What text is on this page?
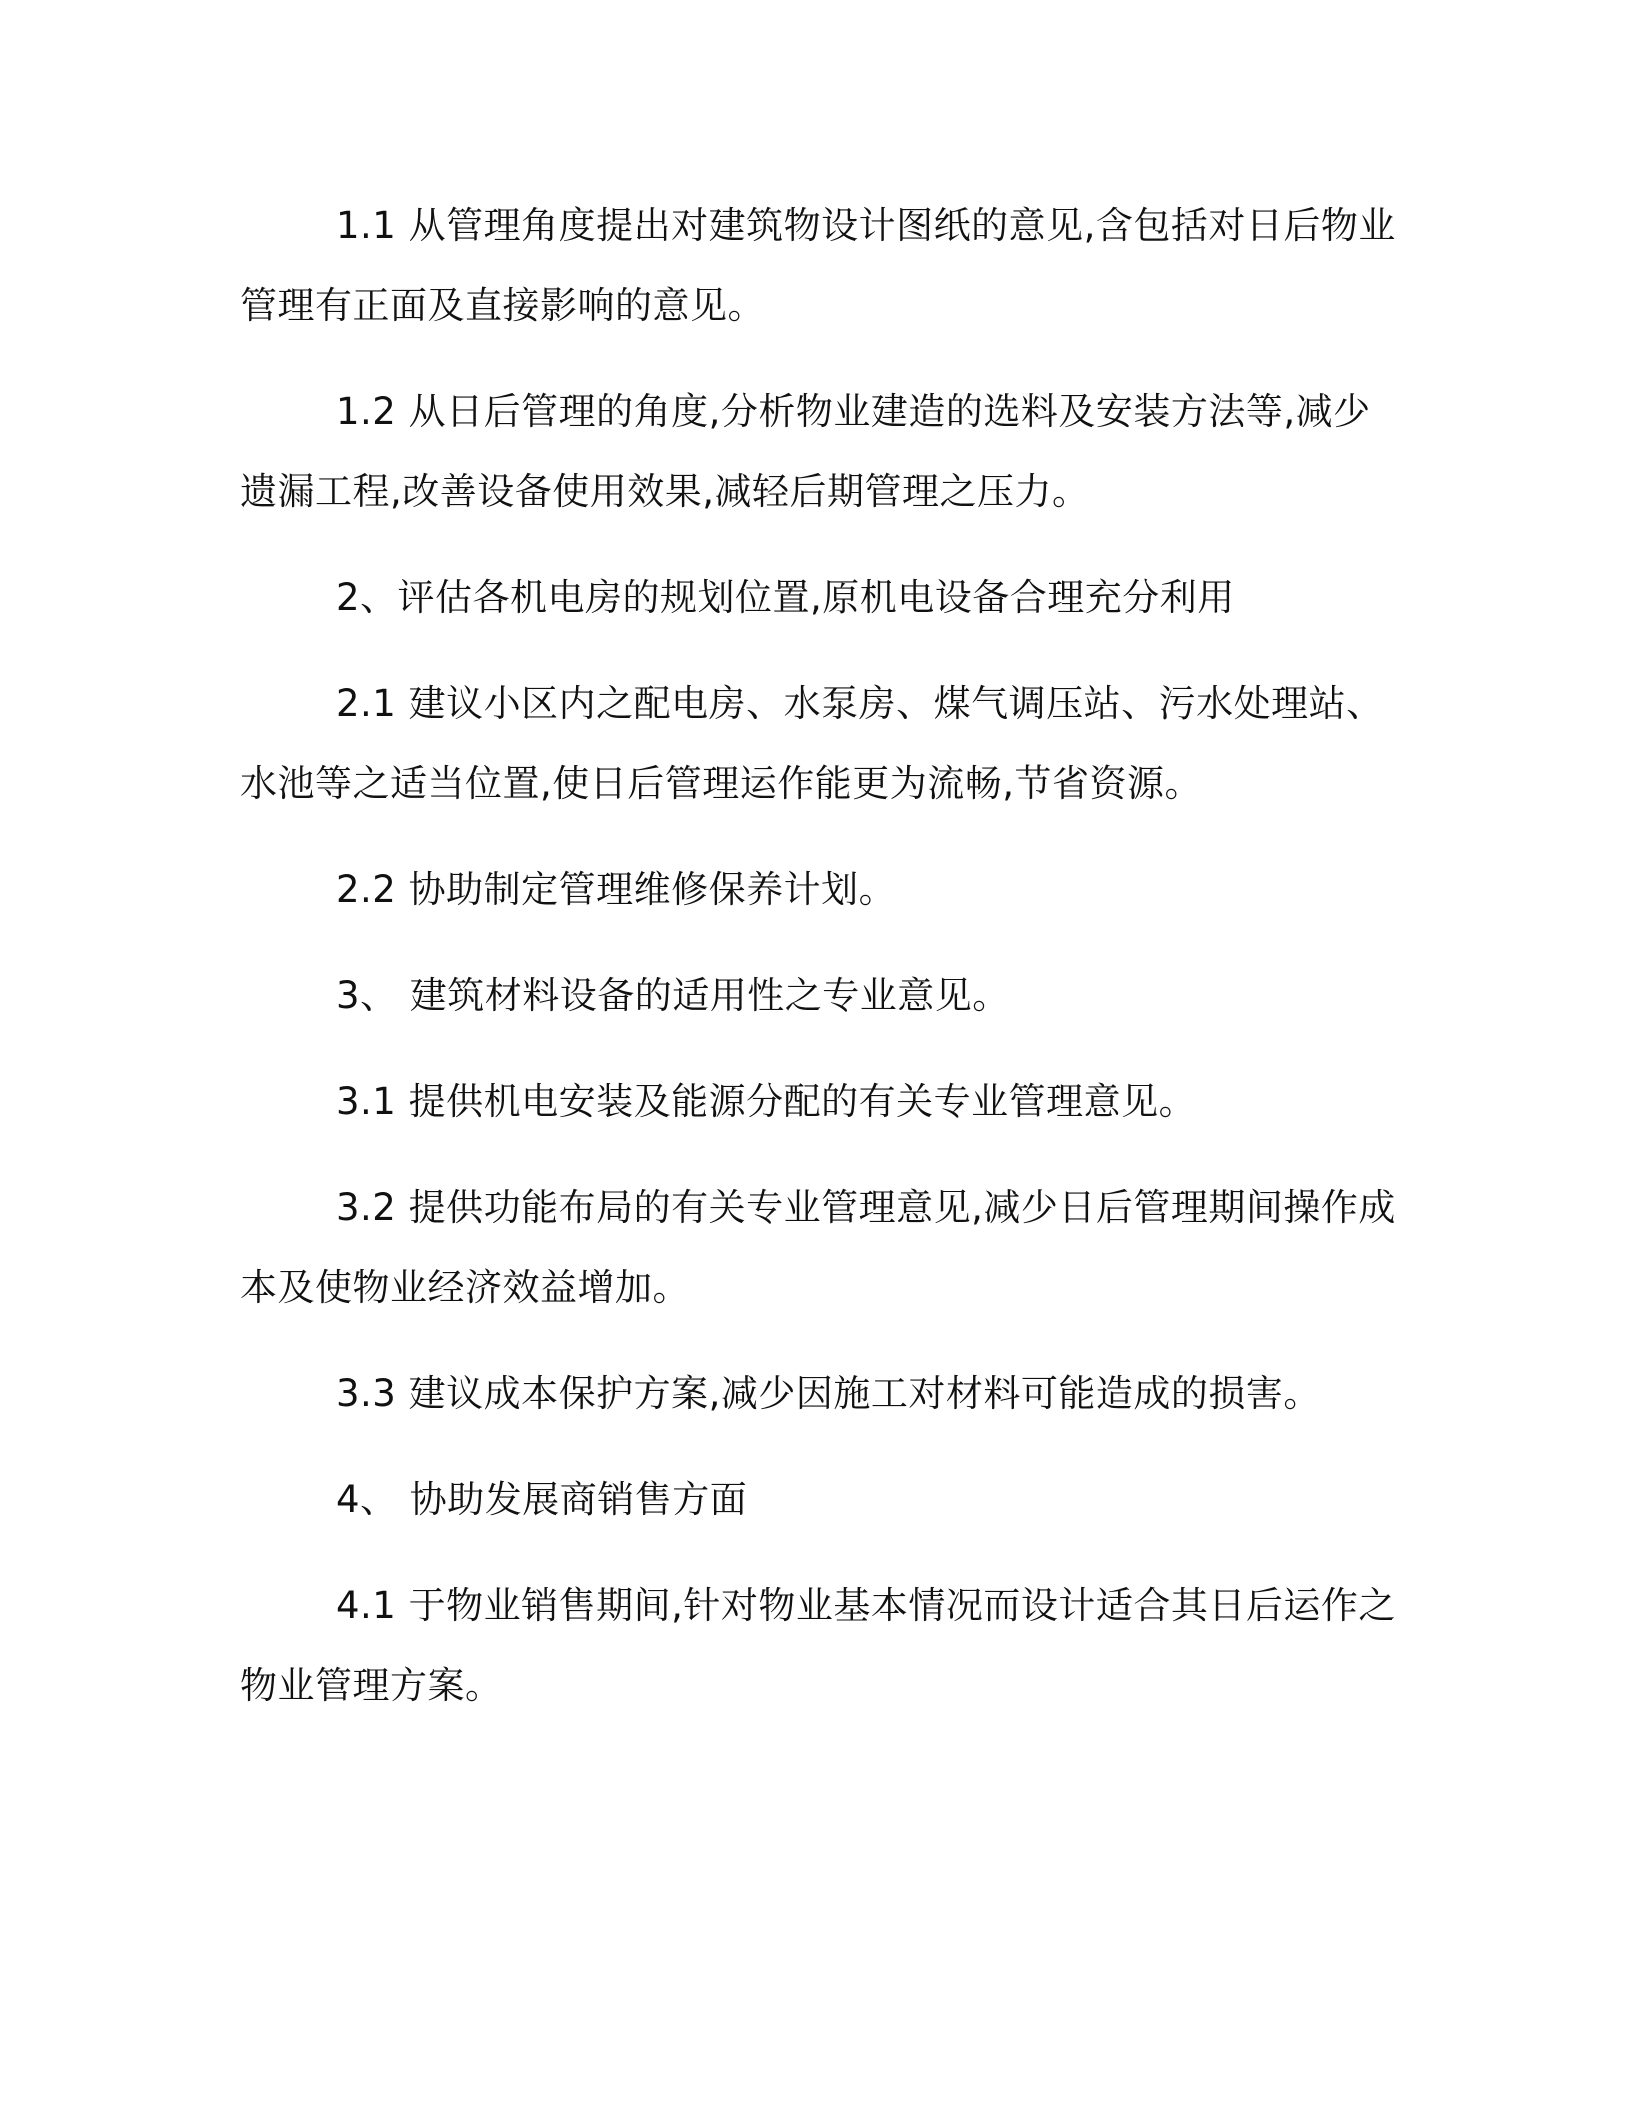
1.1 从管理角度提出对建筑物设计图纸的意见,含包括对日后物业管理有正面及直接影响的意见。

1.2 从日后管理的角度,分析物业建造的选料及安装方法等,减少遗漏工程,改善设备使用效果,减轻后期管理之压力。

2、评估各机电房的规划位置,原机电设备合理充分利用

2.1 建议小区内之配电房、水泵房、煤气调压站、污水处理站、水池等之适当位置,使日后管理运作能更为流畅,节省资源。

2.2 协助制定管理维修保养计划。

3、 建筑材料设备的适用性之专业意见。

3.1 提供机电安装及能源分配的有关专业管理意见。

3.2 提供功能布局的有关专业管理意见,减少日后管理期间操作成本及使物业经济效益增加。

3.3 建议成本保护方案,减少因施工对材料可能造成的损害。

4、 协助发展商销售方面

4.1 于物业销售期间,针对物业基本情况而设计适合其日后运作之物业管理方案。
